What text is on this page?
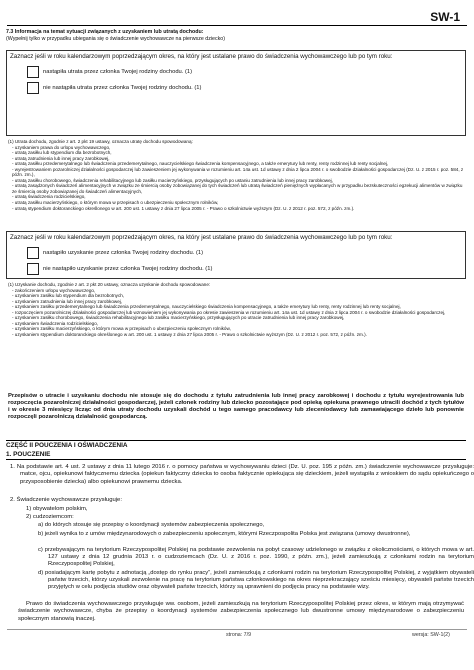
SW-1
7.3 Informacja na temat sytuacji związanych z uzyskaniem lub utratą dochodu:
(Wypełnij tylko w przypadku ubiegania się o świadczenie wychowawcze na pierwsze dziecko)
Zaznacz jeśli w roku kalendarzowym poprzedzającym okres, na który jest ustalane prawo do świadczenia wychowawczego lub po tym roku:
nastąpiła utrata przez członka Twojej rodziny dochodu. (1)
nie nastąpiła utrata przez członka Twojej rodziny dochodu. (1)

(1) Utrata dochodu, zgodnie z art. 2 pkt 19 ustawy, oznacza utratę dochodu spowodowaną:

- uzyskaniem prawa do urlopu wychowawczego,

- utratą zasiłku lub stypendium dla bezrobotnych,

- utratą zatrudnienia lub innej pracy zarobkowej,

- utratą zasiłku przedemerytalnego lub świadczenia przedemerytalnego, nauczycielskiego świadczenia kompensacyjnego, a także emerytury lub renty, renty rodzinnej lub renty socjalnej,

- wyrejestrowaniem pozarolniczej działalności gospodarczej lub zawieszeniem jej wykonywania w rozumieniu art. 14a ust. 1d ustawy z dnia 2 lipca 2004 r. o swobodzie działalności gospodarczej (Dz. U. z 2015 r. poz. 584, z późn. zm.),

- utratą zasiłku chorobowego, świadczenia rehabilitacyjnego lub zasiłku macierzyńskiego, przysługujących po ustaniu zatrudnienia lub innej pracy zarobkowej,

- utratą zasądzonych świadczeń alimentacyjnych w związku ze śmiercią osoby zobowiązanej do tych świadczeń lub utratą świadczeń pieniężnych wypłacanych w przypadku bezskuteczności egzekucji alimentów w związku ze śmiercią osoby zobowiązanej do świadczeń alimentacyjnych,

- utratą świadczenia rodzicielskiego,

- utratą zasiłku macierzyńskiego, o którym mowa w przepisach o ubezpieczeniu społecznym rolników,

- utratą stypendium doktoranckiego określonego w art. 200 ust. 1 ustawy z dnia 27 lipca 2005 r. - Prawo o szkolnictwie wyższym (Dz. U. z 2012 r. poz. 572, z późn. zm.).

Zaznacz jeśli w roku kalendarzowym poprzedzającym okres, na który jest ustalane prawo do świadczenia wychowawczego lub po tym roku:
nastąpiło uzyskanie przez członka Twojej rodziny dochodu. (1)
nie nastąpiło uzyskanie przez członka Twojej rodziny dochodu. (1)

(1) Uzyskanie dochodu, zgodnie z art. 2 pkt 20 ustawy, oznacza uzyskanie dochodu spowodowane:

- zakończeniem urlopu wychowawczego,

- uzyskaniem zasiłku lub stypendium dla bezrobotnych,

- uzyskaniem zatrudnienia lub innej pracy zarobkowej,

- uzyskaniem zasiłku przedemerytalnego lub świadczenia przedemerytalnego, nauczycielskiego świadczenia kompensacyjnego, a także emerytury lub renty, renty rodzinnej lub renty socjalnej,

- rozpoczęciem pozarolniczej działalności gospodarczej lub wznowieniem jej wykonywania po okresie zawieszenia w rozumieniu art. 14a ust. 1d ustawy z dnia 2 lipca 2004 r. o swobodzie działalności gospodarczej,

- uzyskaniem zasiłku chorobowego, świadczenia rehabilitacyjnego lub zasiłku macierzyńskiego, przysługujących po utracie zatrudnienia lub innej pracy zarobkowej,

- uzyskaniem świadczenia rodzicielskiego,

- uzyskaniem zasiłku macierzyńskiego, o którym mowa w przepisach o ubezpieczeniu społecznym rolników,

- uzyskaniem stypendium doktoranckiego określonego w art. 200 ust. 1 ustawy z dnia 27 lipca 2005 r. - Prawo o szkolnictwie wyższym (Dz. U. z 2012 r. poz. 572, z późn. zm.).

Przepisów o utracie i uzyskaniu dochodu nie stosuje się do dochodu z tytułu zatrudnienia lub innej pracy zarobkowej i dochodu z tytułu wyrejestrowania lub rozpoczęcia pozarolniczej działalności gospodarczej, jeżeli członek rodziny lub dziecko pozostające pod opieką opiekuna prawnego utracili dochód z tych tytułów i w okresie 3 miesięcy licząc od dnia utraty dochodu uzyskali dochód u tego samego pracodawcy lub zleceniodawcy lub zamawiającego dzieło lub ponownie rozpoczęli pozarolniczą działalność gospodarczą.
CZĘŚĆ II POUCZENIA I OŚWIADCZENIA
1. POUCZENIE
1. Na podstawie art. 4 ust. 2 ustawy z dnia 11 lutego 2016 r. o pomocy państwa w wychowywaniu dzieci (Dz. U. poz. 195 z późn. zm.) świadczenie wychowawcze przysługuje: matce, ojcu, opiekunowi faktycznemu dziecka (opiekun faktyczny dziecka to osoba faktycznie opiekująca się dzieckiem, jeżeli wystąpiła z wnioskiem do sądu opiekuńczego o przysposobienie dziecka) albo opiekunowi prawnemu dziecka.
2. Świadczenie wychowawcze przysługuje:
1) obywatelom polskim,
2) cudzoziemcom:
a) do których stosuje się przepisy o koordynacji systemów zabezpieczenia społecznego,
b) jeżeli wynika to z umów międzynarodowych o zabezpieczeniu społecznym, którymi Rzeczpospolita Polska jest związana (umowy dwustronne),
c) przebywającym na terytorium Rzeczypospolitej Polskiej na podstawie zezwolenia na pobyt czasowy udzielonego w związku z okolicznościami, o których mowa w art. 127 ustawy z dnia 12 grudnia 2013 r. o cudzoziemcach (Dz. U. z 2016 r. poz. 1990, z późn. zm.), jeżeli zamieszkują z członkami rodzin na terytorium Rzeczypospolitej Polskiej,
d) posiadającym kartę pobytu z adnotacją „dostęp do rynku pracy”, jeżeli zamieszkują z członkami rodzin na terytorium Rzeczypospolitej Polskiej, z wyjątkiem obywateli państw trzecich, którzy uzyskali zezwolenie na pracę na terytorium państwa członkowskiego na okres nieprzekraczający sześciu miesięcy, obywateli państw trzecich przyjętych w celu podjęcia studiów oraz obywateli państw trzecich, którzy są uprawnieni do podjęcia pracy na podstawie wizy.
Prawo do świadczenia wychowawczego przysługuje ww. osobom, jeżeli zamieszkują na terytorium Rzeczypospolitej Polskiej przez okres, w którym mają otrzymywać świadczenie wychowawcze, chyba że przepisy o koordynacji systemów zabezpieczenia społecznego lub dwustronne umowy międzynarodowe o zabezpieczeniu społecznym stanowią inaczej.
strona: 7/9	wersja: SW-1(2)
